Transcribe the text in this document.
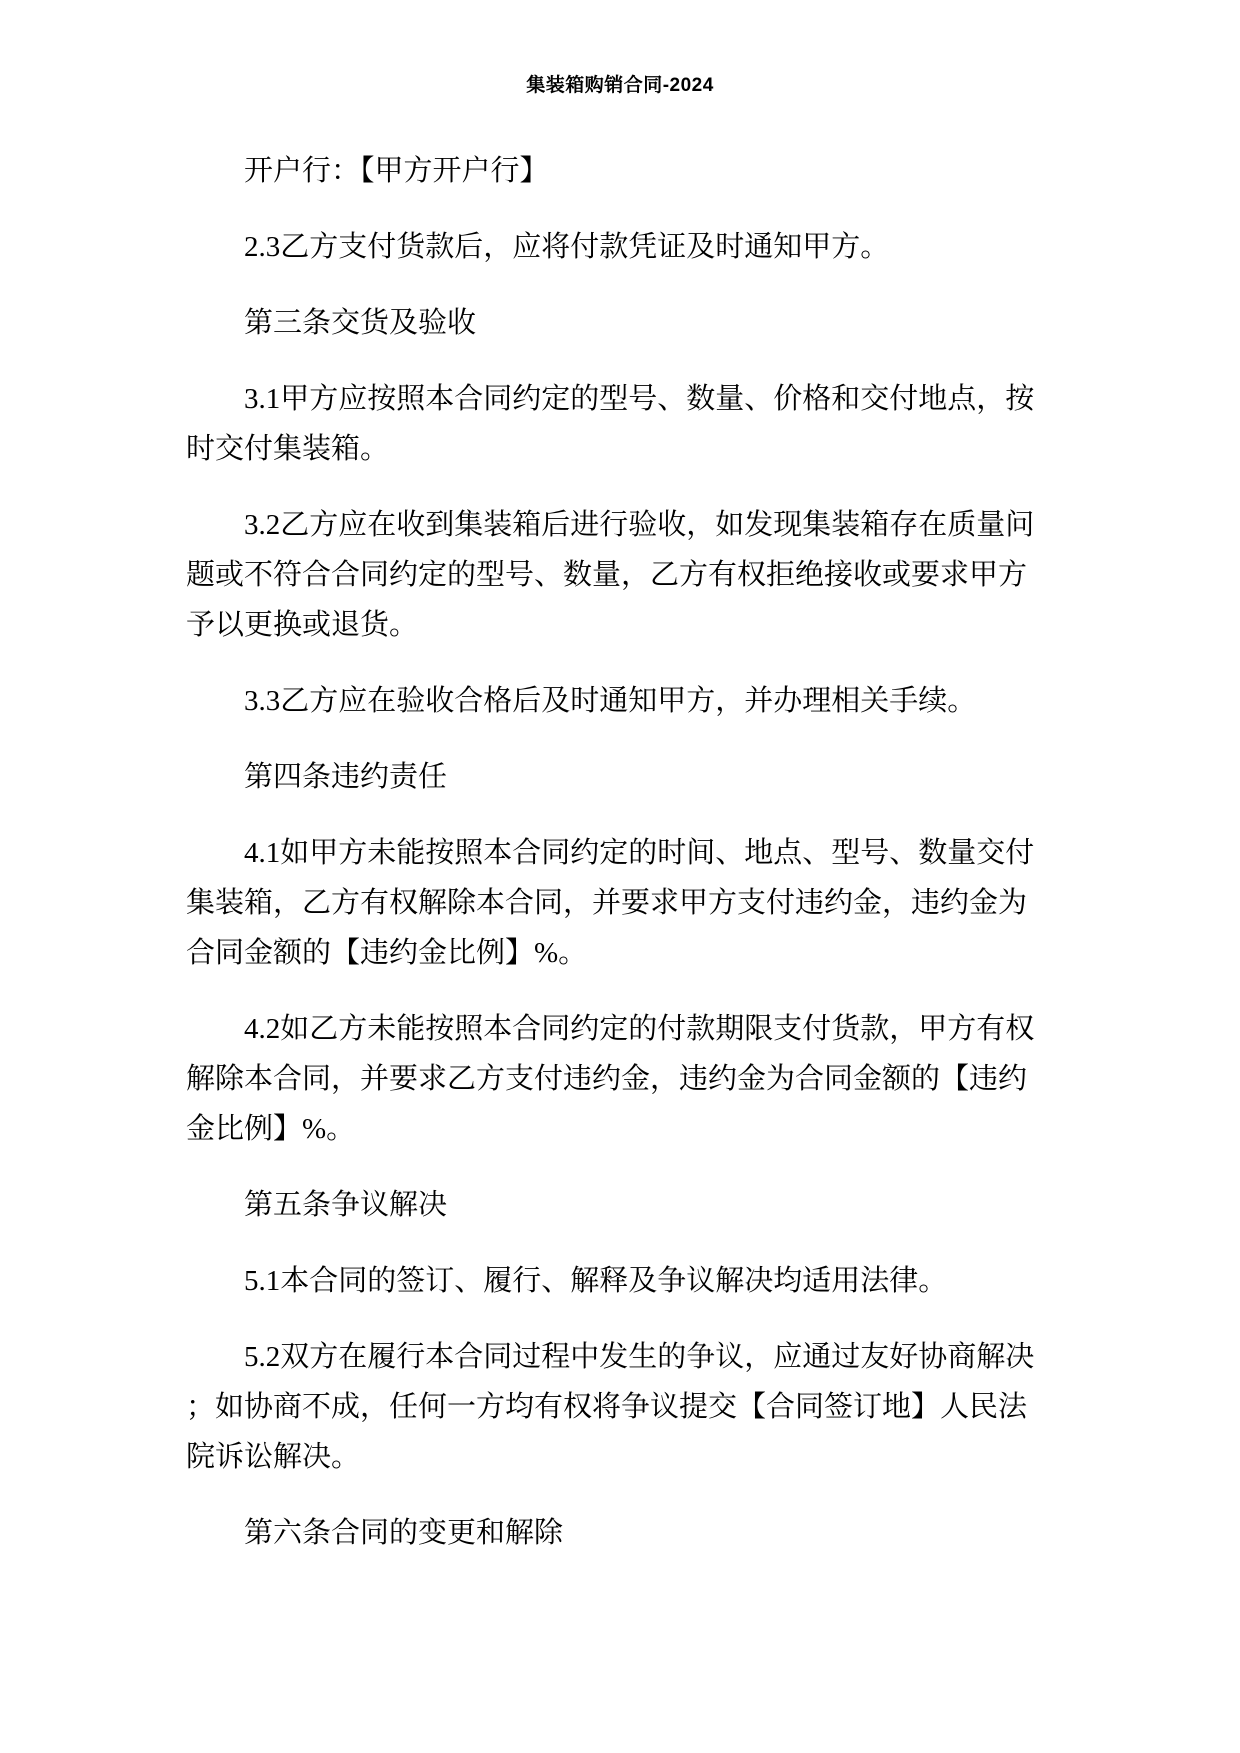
集装箱购销合同-2024

开户行：【甲方开户行】

2.3乙方支付货款后，应将付款凭证及时通知甲方。

第三条交货及验收

3.1甲方应按照本合同约定的型号、数量、价格和交付地点，按
时交付集装箱。

3.2乙方应在收到集装箱后进行验收，如发现集装箱存在质量问
题或不符合合同约定的型号、数量，乙方有权拒绝接收或要求甲方
予以更换或退货。

3.3乙方应在验收合格后及时通知甲方，并办理相关手续。

第四条违约责任

4.1如甲方未能按照本合同约定的时间、地点、型号、数量交付
集装箱，乙方有权解除本合同，并要求甲方支付违约金，违约金为
合同金额的【违约金比例】%。

4.2如乙方未能按照本合同约定的付款期限支付货款，甲方有权
解除本合同，并要求乙方支付违约金，违约金为合同金额的【违约
金比例】%。

第五条争议解决

5.1本合同的签订、履行、解释及争议解决均适用法律。

5.2双方在履行本合同过程中发生的争议，应通过友好协商解决
；如协商不成，任何一方均有权将争议提交【合同签订地】人民法
院诉讼解决。

第六条合同的变更和解除
